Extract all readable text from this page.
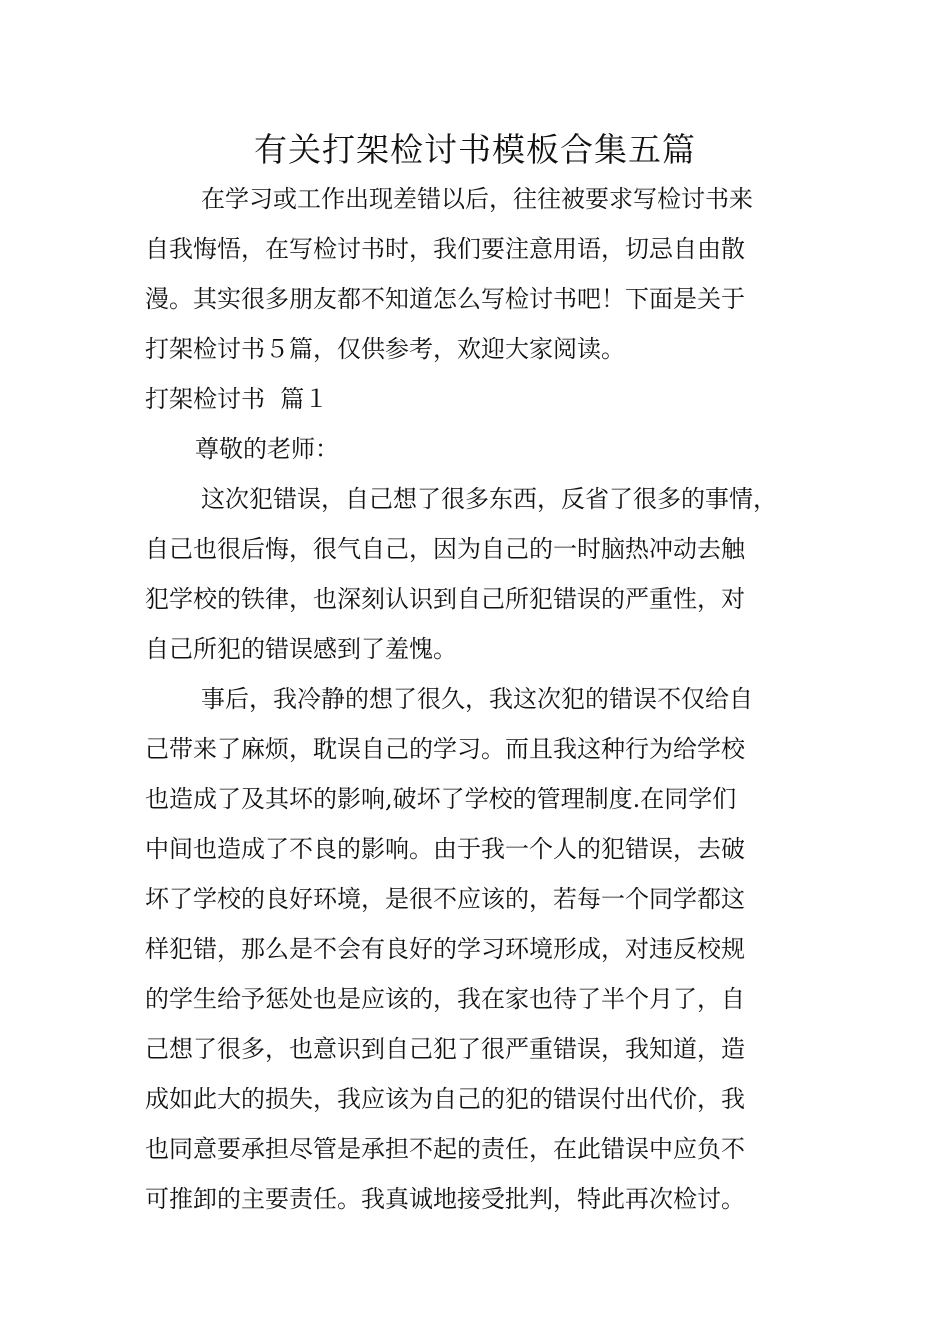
有关打架检讨书模板合集五篇
在学习或工作出现差错以后，往往被要求写检讨书来
自我悔悟，在写检讨书时，我们要注意用语，切忌自由散
漫。其实很多朋友都不知道怎么写检讨书吧！下面是关于
打架检讨书５篇，仅供参考，欢迎大家阅读。

打架检讨书  篇１

尊敬的老师：

这次犯错误，自己想了很多东西，反省了很多的事情，
自己也很后悔，很气自己，因为自己的一时脑热冲动去触
犯学校的铁律，也深刻认识到自己所犯错误的严重性，对
自己所犯的错误感到了羞愧。
事后，我冷静的想了很久，我这次犯的错误不仅给自
己带来了麻烦，耽误自己的学习。而且我这种行为给学校
也造成了及其坏的影响,破坏了学校的管理制度.在同学们
中间也造成了不良的影响。由于我一个人的犯错误，去破
坏了学校的良好环境，是很不应该的，若每一个同学都这
样犯错，那么是不会有良好的学习环境形成，对违反校规
的学生给予惩处也是应该的，我在家也待了半个月了，自
己想了很多，也意识到自己犯了很严重错误，我知道，造
成如此大的损失，我应该为自己的犯的错误付出代价，我
也同意要承担尽管是承担不起的责任，在此错误中应负不
可推卸的主要责任。我真诚地接受批判，特此再次检讨。
